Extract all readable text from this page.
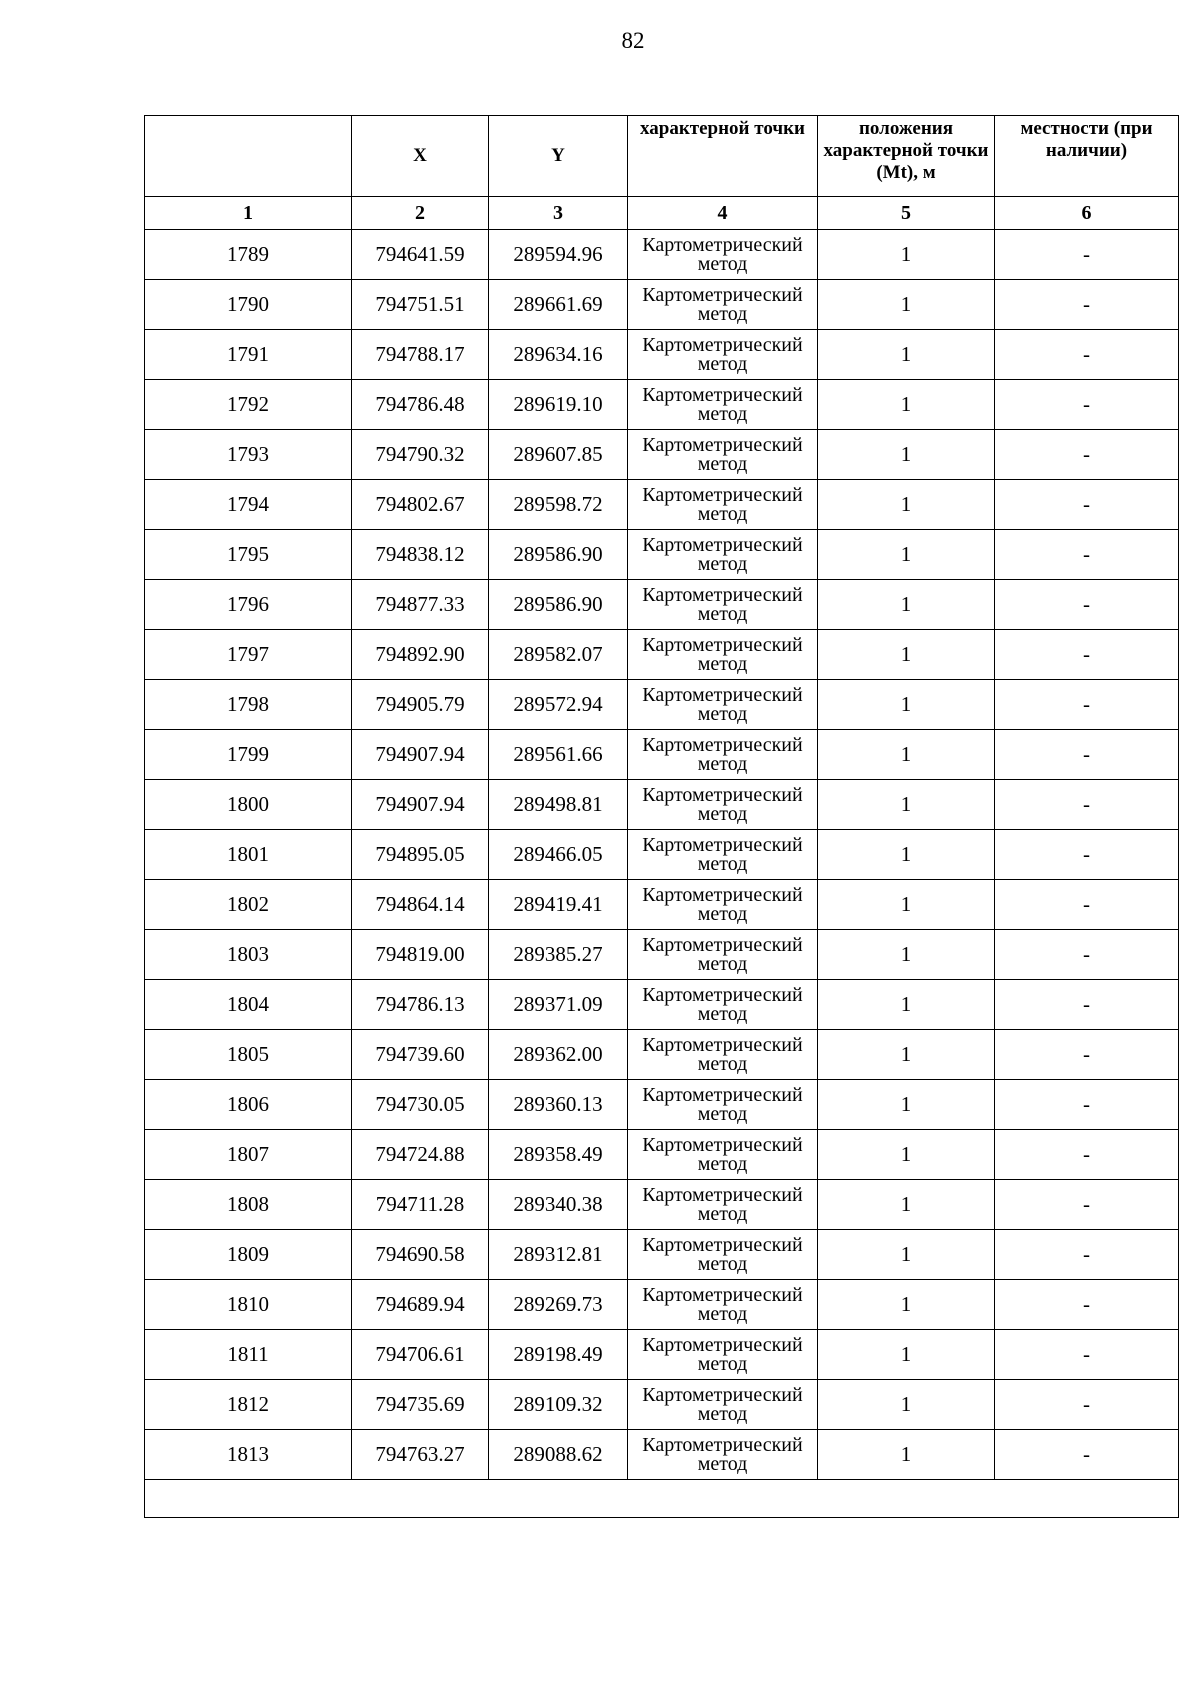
82
	X	Y	характерной точки	положения характерной точки (Mt), м	местности (при наличии)
1	2	3	4	5	6
1789	794641.59	289594.96	Картометрический метод	1	-
1790	794751.51	289661.69	Картометрический метод	1	-
1791	794788.17	289634.16	Картометрический метод	1	-
1792	794786.48	289619.10	Картометрический метод	1	-
1793	794790.32	289607.85	Картометрический метод	1	-
1794	794802.67	289598.72	Картометрический метод	1	-
1795	794838.12	289586.90	Картометрический метод	1	-
1796	794877.33	289586.90	Картометрический метод	1	-
1797	794892.90	289582.07	Картометрический метод	1	-
1798	794905.79	289572.94	Картометрический метод	1	-
1799	794907.94	289561.66	Картометрический метод	1	-
1800	794907.94	289498.81	Картометрический метод	1	-
1801	794895.05	289466.05	Картометрический метод	1	-
1802	794864.14	289419.41	Картометрический метод	1	-
1803	794819.00	289385.27	Картометрический метод	1	-
1804	794786.13	289371.09	Картометрический метод	1	-
1805	794739.60	289362.00	Картометрический метод	1	-
1806	794730.05	289360.13	Картометрический метод	1	-
1807	794724.88	289358.49	Картометрический метод	1	-
1808	794711.28	289340.38	Картометрический метод	1	-
1809	794690.58	289312.81	Картометрический метод	1	-
1810	794689.94	289269.73	Картометрический метод	1	-
1811	794706.61	289198.49	Картометрический метод	1	-
1812	794735.69	289109.32	Картометрический метод	1	-
1813	794763.27	289088.62	Картометрический метод	1	-
